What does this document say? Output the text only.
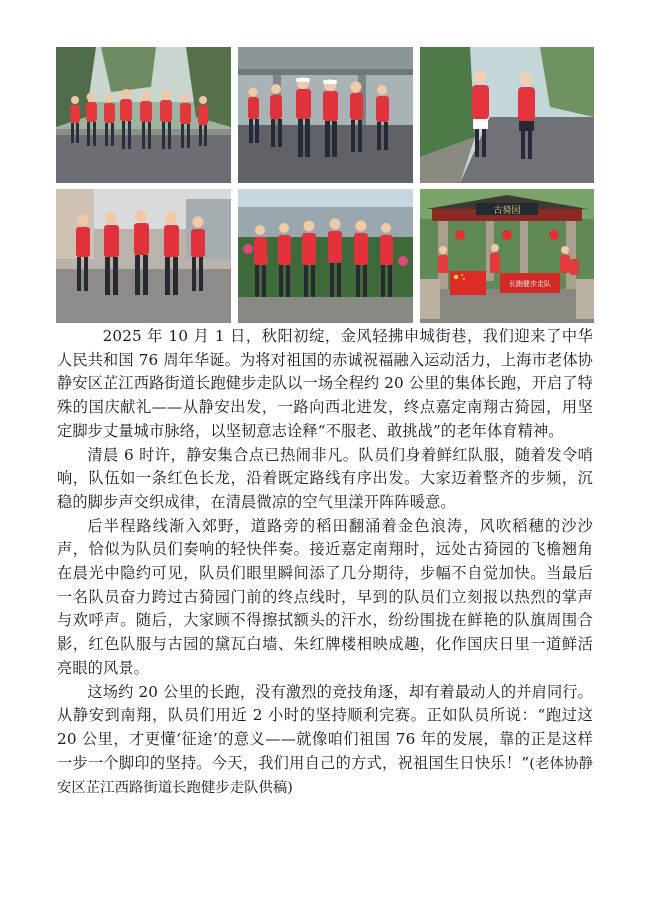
古猗园
长跑健步走队

2025 年 10 月 1 日，秋阳初绽，金风轻拂申城街巷，我们迎来了中华人民共和国 76 周年华诞。为将对祖国的赤诚祝福融入运动活力，上海市老体协静安区芷江西路街道长跑健步走队以一场全程约 20 公里的集体长跑，开启了特殊的国庆献礼——从静安出发，一路向西北进发，终点嘉定南翔古猗园，用坚定脚步丈量城市脉络，以坚韧意志诠释“不服老、敢挑战”的老年体育精神。

清晨 6 时许，静安集合点已热闹非凡。队员们身着鲜红队服，随着发令哨响，队伍如一条红色长龙，沿着既定路线有序出发。大家迈着整齐的步频，沉稳的脚步声交织成律，在清晨微凉的空气里漾开阵阵暖意。

后半程路线渐入郊野，道路旁的稻田翻涌着金色浪涛，风吹稻穗的沙沙声，恰似为队员们奏响的轻快伴奏。接近嘉定南翔时，远处古猗园的飞檐翘角在晨光中隐约可见，队员们眼里瞬间添了几分期待，步幅不自觉加快。当最后一名队员奋力跨过古猗园门前的终点线时，早到的队员们立刻报以热烈的掌声与欢呼声。随后，大家顾不得擦拭额头的汗水，纷纷围拢在鲜艳的队旗周围合影，红色队服与古园的黛瓦白墙、朱红牌楼相映成趣，化作国庆日里一道鲜活亮眼的风景。

这场约 20 公里的长跑，没有激烈的竞技角逐，却有着最动人的并肩同行。从静安到南翔，队员们用近 2 小时的坚持顺利完赛。正如队员所说：“跑过这 20 公里，才更懂‘征途’的意义——就像咱们祖国 76 年的发展，靠的正是这样一步一个脚印的坚持。今天，我们用自己的方式，祝祖国生日快乐！”(老体协静安区芷江西路街道长跑健步走队供稿)
